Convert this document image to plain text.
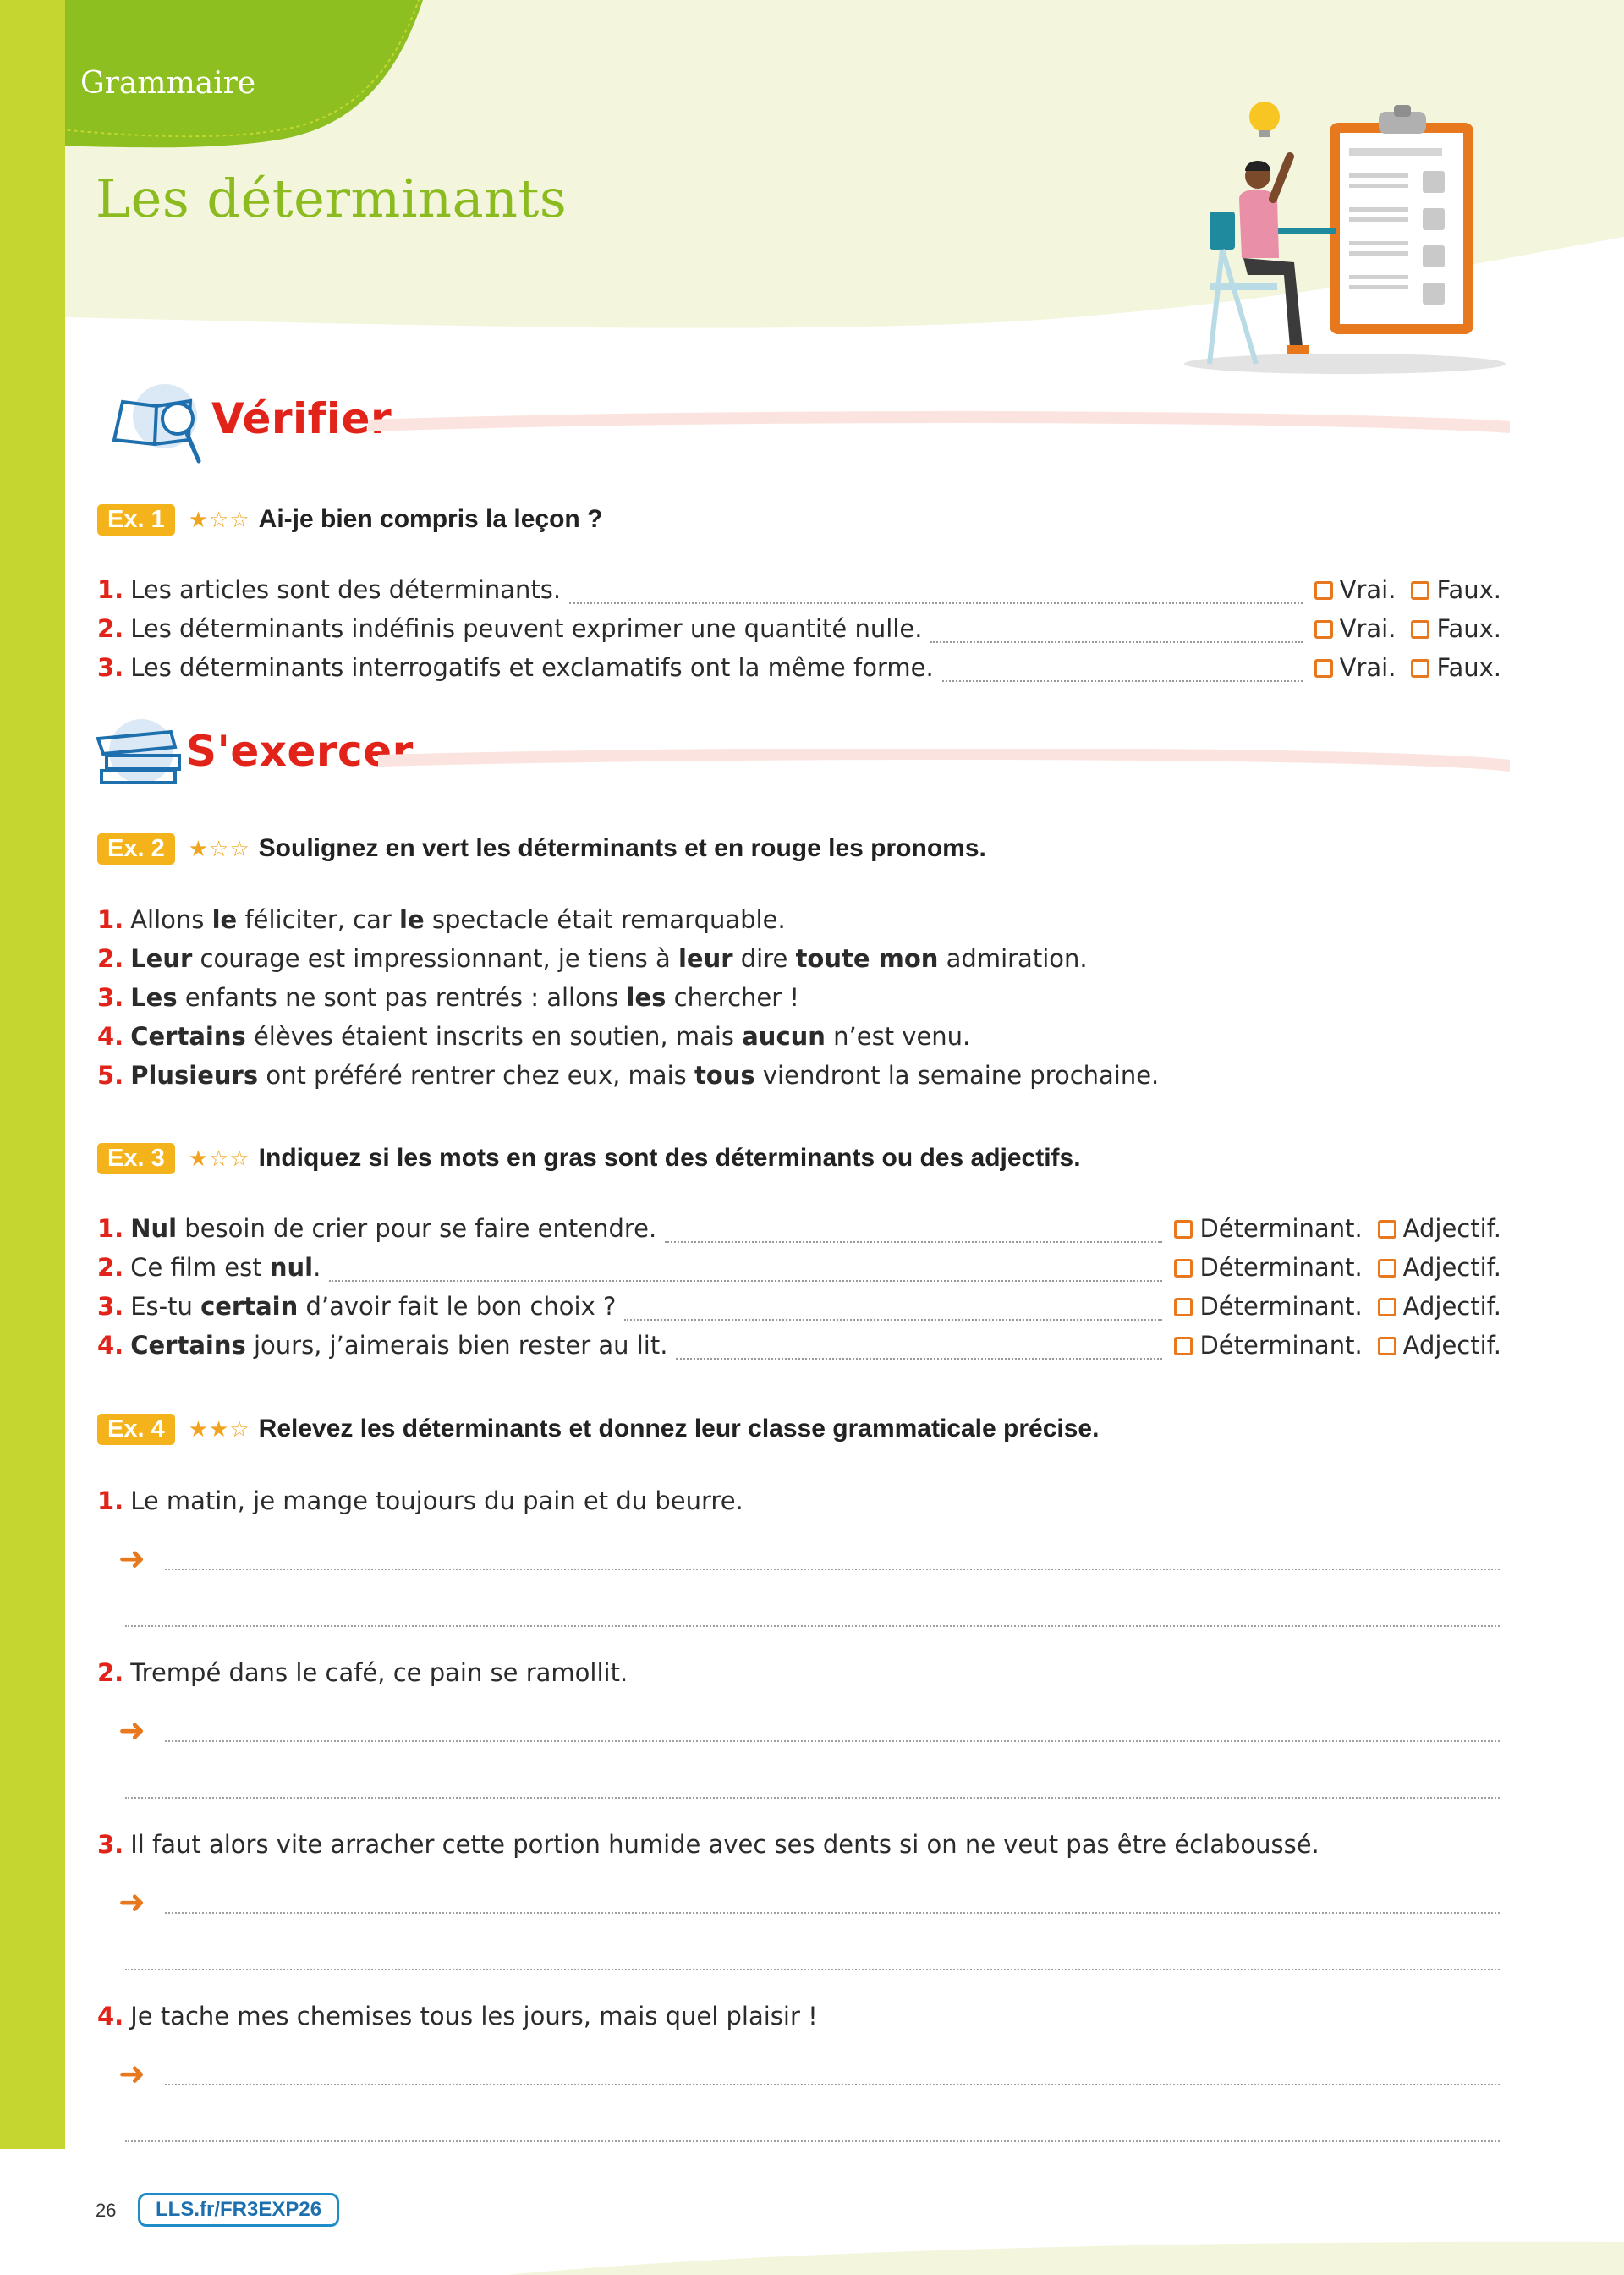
Grammaire
Les déterminants
Vérifier
Ex. 1	★☆☆ Ai-je bien compris la leçon ?
1. Les articles sont des déterminants.	Vrai. Faux.
2. Les déterminants indéfinis peuvent exprimer une quantité nulle.	Vrai. Faux.
3. Les déterminants interrogatifs et exclamatifs ont la même forme.	Vrai. Faux.
S'exercer
Ex. 2	★☆☆ Soulignez en vert les déterminants et en rouge les pronoms.
1. Allons le féliciter, car le spectacle était remarquable.
2. Leur courage est impressionnant, je tiens à leur dire toute mon admiration.
3. Les enfants ne sont pas rentrés : allons les chercher !
4. Certains élèves étaient inscrits en soutien, mais aucun n’est venu.
5. Plusieurs ont préféré rentrer chez eux, mais tous viendront la semaine prochaine.
Ex. 3	★☆☆ Indiquez si les mots en gras sont des déterminants ou des adjectifs.
1. Nul besoin de crier pour se faire entendre.	Déterminant. Adjectif.
2. Ce film est nul.	Déterminant. Adjectif.
3. Es-tu certain d’avoir fait le bon choix ?	Déterminant. Adjectif.
4. Certains jours, j’aimerais bien rester au lit.	Déterminant. Adjectif.
Ex. 4	★★☆ Relevez les déterminants et donnez leur classe grammaticale précise.
1. Le matin, je mange toujours du pain et du beurre.
➜
2. Trempé dans le café, ce pain se ramollit.
➜
3. Il faut alors vite arracher cette portion humide avec ses dents si on ne veut pas être éclaboussé.
➜
4. Je tache mes chemises tous les jours, mais quel plaisir !
➜
26	LLS.fr/FR3EXP26
